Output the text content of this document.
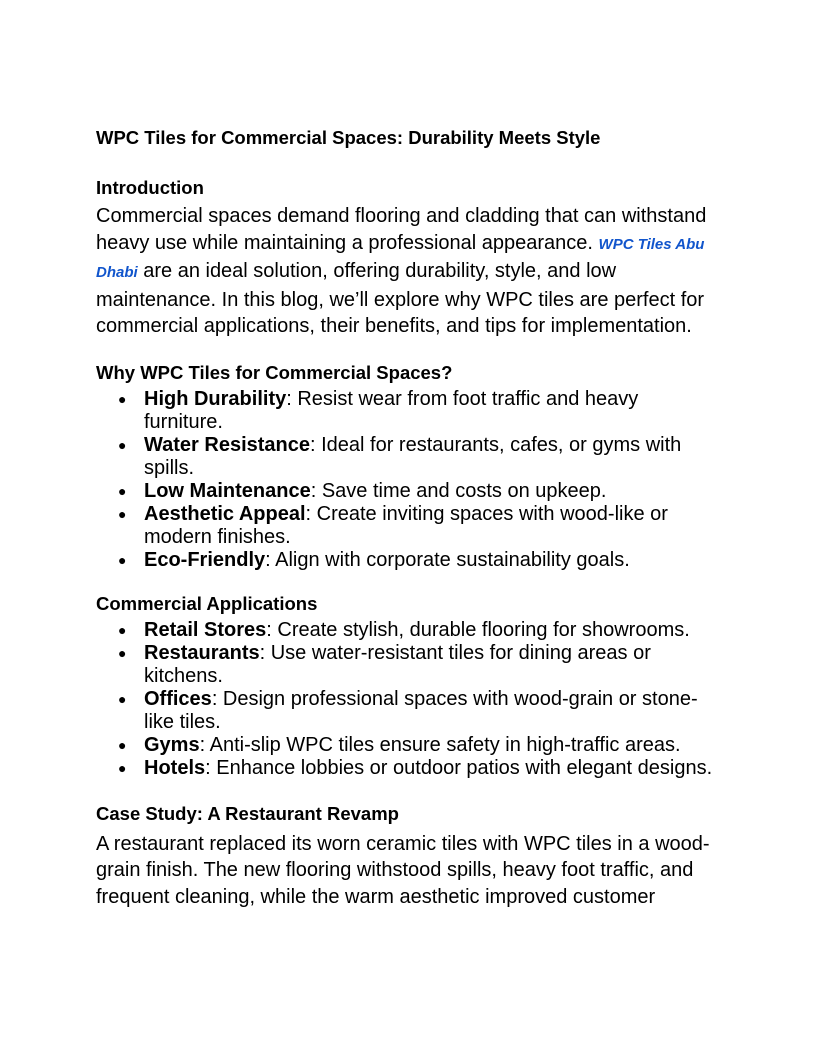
WPC Tiles for Commercial Spaces: Durability Meets Style
Introduction

Commercial spaces demand flooring and cladding that can withstand heavy use while maintaining a professional appearance. WPC Tiles Abu Dhabi are an ideal solution, offering durability, style, and low maintenance. In this blog, we’ll explore why WPC tiles are perfect for commercial applications, their benefits, and tips for implementation.

Why WPC Tiles for Commercial Spaces?
● High Durability: Resist wear from foot traffic and heavy furniture.
● Water Resistance: Ideal for restaurants, cafes, or gyms with spills.
● Low Maintenance: Save time and costs on upkeep.
● Aesthetic Appeal: Create inviting spaces with wood-like or modern finishes.
● Eco-Friendly: Align with corporate sustainability goals.
Commercial Applications
● Retail Stores: Create stylish, durable flooring for showrooms.
● Restaurants: Use water-resistant tiles for dining areas or kitchens.
● Offices: Design professional spaces with wood-grain or stone-like tiles.
● Gyms: Anti-slip WPC tiles ensure safety in high-traffic areas.
● Hotels: Enhance lobbies or outdoor patios with elegant designs.
Case Study: A Restaurant Revamp

A restaurant replaced its worn ceramic tiles with WPC tiles in a wood-grain finish. The new flooring withstood spills, heavy foot traffic, and frequent cleaning, while the warm aesthetic improved customer
